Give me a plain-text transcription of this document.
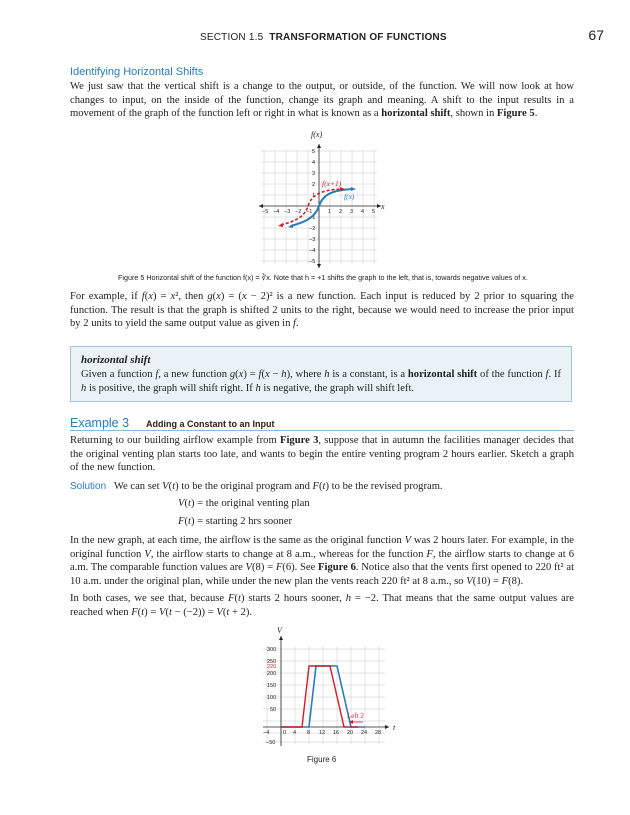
SECTION 1.5 TRANSFORMATION OF FUNCTIONS	67
Identifying Horizontal Shifts

We just saw that the vertical shift is a change to the output, or outside, of the function. We will now look at how changes to input, on the inside of the function, change its graph and meaning. A shift to the input results in a movement of the graph of the function left or right in what is known as a horizontal shift, shown in Figure 5.

f(x)
x
−5 −4 −3 −2 −1	1 2 3 4 5
5
4
3
2
1
−1
−2
−3
−4
−5
f(x+1)
f(x)
Figure 5 Horizontal shift of the function f(x) = ∛x. Note that h = +1 shifts the graph to the left, that is, towards negative values of x.

For example, if f(x) = x², then g(x) = (x − 2)² is a new function. Each input is reduced by 2 prior to squaring the function. The result is that the graph is shifted 2 units to the right, because we would need to increase the prior input by 2 units to yield the same output value as given in f.

horizontal shift
Given a function f, a new function g(x) = f(x − h), where h is a constant, is a horizontal shift of the function f. If h is positive, the graph will shift right. If h is negative, the graph will shift left.
Example 3 Adding a Constant to an Input

Returning to our building airflow example from Figure 3, suppose that in autumn the facilities manager decides that the original venting plan starts too late, and wants to begin the entire venting program 2 hours earlier. Sketch a graph of the new function.

Solution   We can set V(t) to be the original program and F(t) to be the revised program.

V(t) = the original venting plan
F(t) = starting 2 hrs sooner

In the new graph, at each time, the airflow is the same as the original function V was 2 hours later. For example, in the original function V, the airflow starts to change at 8 a.m., whereas for the function F, the airflow starts to change at 6 a.m. The comparable function values are V(8) = F(6). See Figure 6. Notice also that the vents first opened to 220 ft² at 10 a.m. under the original plan, while under the new plan the vents reach 220 ft² at 8 a.m., so V(10) = F(8).

In both cases, we see that, because F(t) starts 2 hours sooner, h = −2. That means that the same output values are reached when F(t) = V(t − (−2)) = V(t + 2).

V
t
300
250
220
200
150
100
50
−50
−4 0 4 8 12 16 20 24 28
Left 2
Figure 6
